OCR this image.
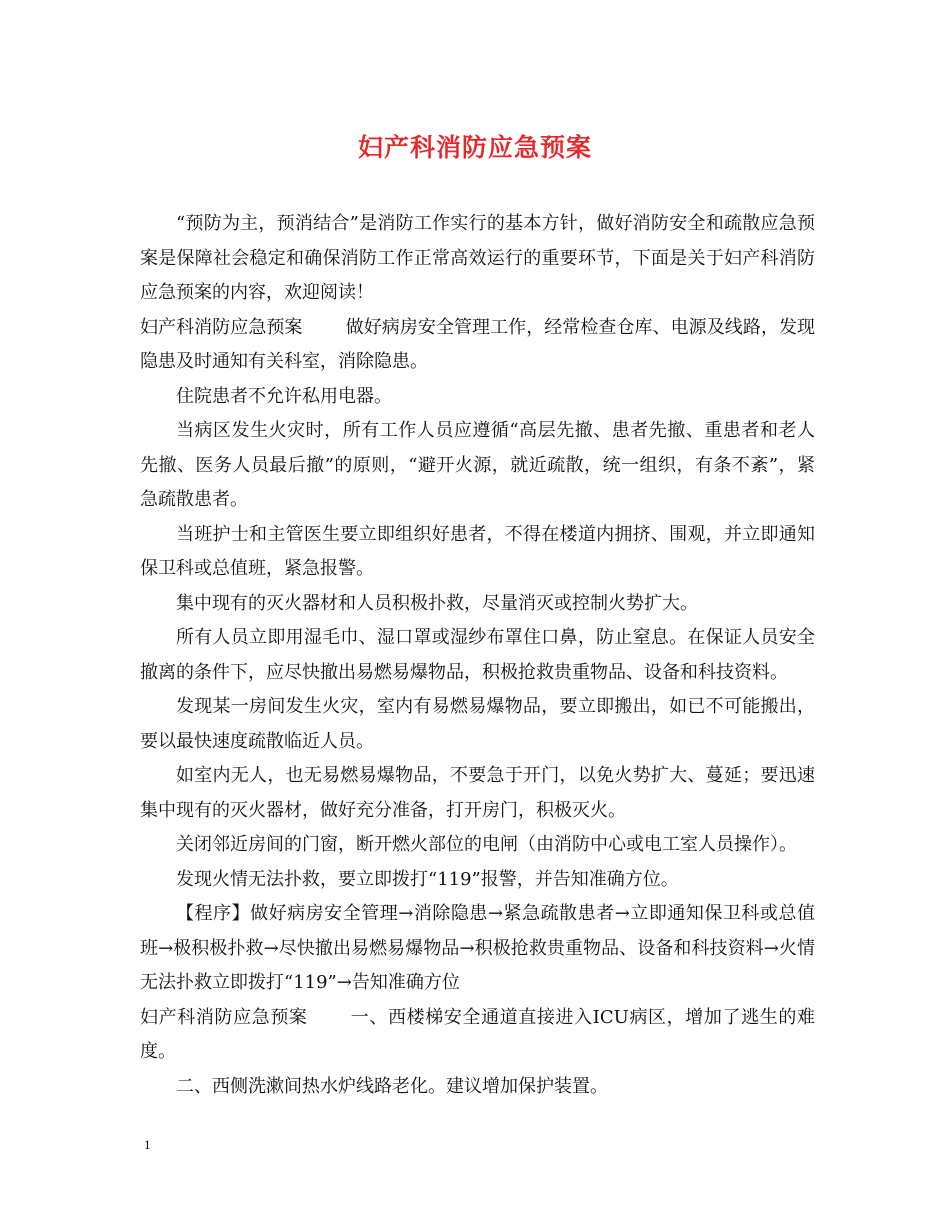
妇产科消防应急预案

“预防为主，预消结合”是消防工作实行的基本方针，做好消防安全和疏散应急预案是保障社会稳定和确保消防工作正常高效运行的重要环节，下面是关于妇产科消防应急预案的内容，欢迎阅读！

妇产科消防应急预案 做好病房安全管理工作，经常检查仓库、电源及线路，发现隐患及时通知有关科室，消除隐患。

住院患者不允许私用电器。

当病区发生火灾时，所有工作人员应遵循“高层先撤、患者先撤、重患者和老人先撤、医务人员最后撤”的原则，“避开火源，就近疏散，统一组织，有条不紊”，紧急疏散患者。

当班护士和主管医生要立即组织好患者，不得在楼道内拥挤、围观，并立即通知保卫科或总值班，紧急报警。

集中现有的灭火器材和人员积极扑救，尽量消灭或控制火势扩大。

所有人员立即用湿毛巾、湿口罩或湿纱布罩住口鼻，防止窒息。在保证人员安全撤离的条件下，应尽快撤出易燃易爆物品，积极抢救贵重物品、设备和科技资料。

发现某一房间发生火灾，室内有易燃易爆物品，要立即搬出，如已不可能搬出，要以最快速度疏散临近人员。

如室内无人，也无易燃易爆物品，不要急于开门，以免火势扩大、蔓延；要迅速集中现有的灭火器材，做好充分准备，打开房门，积极灭火。

关闭邻近房间的门窗，断开燃火部位的电闸（由消防中心或电工室人员操作）。

发现火情无法扑救，要立即拨打“119”报警，并告知准确方位。

【程序】做好病房安全管理→消除隐患→紧急疏散患者→立即通知保卫科或总值班→极积极扑救→尽快撤出易燃易爆物品→积极抢救贵重物品、设备和科技资料→火情无法扑救立即拨打“119”→告知准确方位

妇产科消防应急预案 一、西楼梯安全通道直接进入ICU病区，增加了逃生的难度。

二、西侧洗漱间热水炉线路老化。建议增加保护装置。

1
